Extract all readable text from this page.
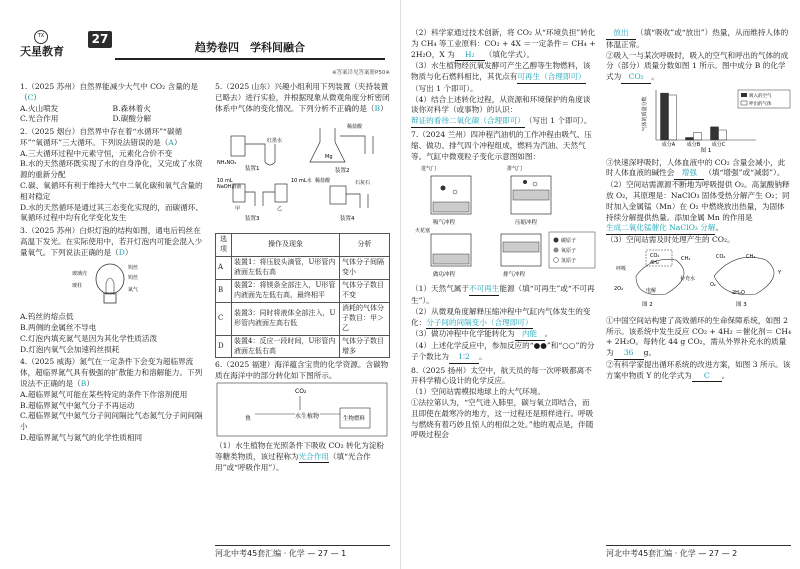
TX
天星教育
27
趋势卷四　学科间融合
※答案详见答案册P50※
1.（2025 苏州）自然界能减少大气中 CO₂ 含量的是（C）
A.火山喷发	B.森林着火
C.光合作用	D.碳酸分解
2.（2025 烟台）自然界中存在着“水循环”“碳循环”“氧循环”三大循环。下列说法错误的是（A）
A.三大循环过程中元素守恒，元素化合价不变
B.水的天然循环既实现了水的自身净化，又完成了水资源的重新分配
C.碳、氧循环有利于维持大气中二氧化碳和氧气含量的相对稳定
D.水的天然循环是通过其三态变化实现的，而碳循环、氧循环过程中均有化学变化发生
3.（2025 苏州）白炽灯泡的结构如图，通电后钨丝在高温下发光。在实际使用中，若开灯泡内可能会混入少量氧气。下列说法正确的是（D）
钨丝
玻璃壳
钨丝
氮气
玻柱
A.钨丝的熔点低
B.两侧的金属丝不导电
C.灯泡内填充氮气是因为其化学性质活泼
D.灯泡内氧气会加速钨丝损耗
4.（2025 威海）氮气在一定条件下会变为超临界流体，超临界氮气具有极强的扩散能力和溶解能力。下列说法不正确的是（B）
A.超临界氮气可能在某些特定的条件下作溶剂使用
B.超临界氮气中氮气分子不再运动
C.超临界氮气中氮气分子间间隔比气态氮气分子间间隔小
D.超临界氮气与氮气的化学性质相同
5.（2025 山东）兴趣小组利用下列装置（夹持装置已略去）进行实验，并根据现象从微观角度分析密闭体系中气体的变化情况。下列分析不正确的是（B）
NH₄NO₃
装置1	装置2
稀盐酸
Mg
红墨水
10 mL
NaOH溶液
10 mL水
甲	乙
装置3
石灰石
稀盐酸
装置4
选项	操作及现象	分析
A	装置1：将压胶头滴管，U形管内液面左低右高	气体分子间隔变小
B	装置2：将镁条全部注入，U形管内液面先左低右高，最终相平	气体分子数目不变
C	装置3：同时将液体全部注入，U形管内液面左高右低	消耗的气体分子数目：甲＞乙
D	装置4：反应一段时间，U形管内液面左低右高	气体分子数目增多
6.（2025 福建）海洋蕴含宝贵的化学资源。含碳物质在海洋中的部分转化如下图所示。
CO₂
鱼	水生植物	生物燃料
（1）水生植物在光照条件下吸收 CO₂ 转化为淀粉等糖类物质，该过程称为光合作用（填“光合作用”或“呼吸作用”）。
河北中考45套汇编 · 化学 — 27 — 1
（2）科学家通过技术创新，将 CO₂ 从“环境负担”转化为 CH₄ 等工业原料：CO₂ + 4X ＝一定条件＝ CH₄ + 2H₂O，X 为 H₂ （填化学式）。
（3）水生植物经沉氧发酵可产生乙醇等生物燃料，该物质与化石燃料相比，其优点有可再生（合理即可）（写出 1 个即可）。
（4）结合上述转化过程，从资源和环境保护的角度谈谈你对科学（或事物）的认识：辩证的看待二氧化碳（合理即可）（写出 1 个即可）。
7.（2024 兰州）四冲程汽油机的工作冲程由吸气、压缩、做功、排气四个冲程组成，燃料为汽油、天然气等。气缸中微观粒子变化示意图如图：
进气门
吸气冲程
排气门
压缩冲程
火花塞
做功冲程	排气冲程
碳原子
氧原子
氢原子
（1）天然气属于不可再生能源（填“可再生”或“不可再生”）。
（2）从微观角度解释压缩冲程中气缸内气体发生的变化：分子间的间隔变小（合理即可）
（3）做功冲程中化学能转化为 内能 。
（4）上述化学反应中，参加反应的“●●”和“○○”的分子个数比为 1∶2 。
8.（2025 扬州）太空中，航天员的每一次呼吸都离不开科学精心设计的化学反应。
（1）空间站需模拟地球上的大气环境。
①法拉第认为，“空气进入肺里，碳与氧立即结合，而且即使在最寒冷的地方，这一过程还是照样进行。呼吸与燃烧有着巧妙且惊人的相似之处。”他的观点是，伴随呼吸过程会
放出 （填“吸收”或“放出”）热量，从而维持人体的体温正常。
②吸入一与某次呼吸时，吸入的空气和呼出的气体的成分（部分）质量分数如图 1 所示。图中成分 B 的化学式为 CO₂ 。
气体的质量分数
成分A 成分B 成分C
图 1
吸入的空气
呼出的气体
③快速深呼吸时，人体血液中的 CO₂ 含量会减小，此时人体血液的碱性会 增强 （填“增强”或“减弱”）。
（2）空间站需源源不断地为呼吸提供 O₂。高氯酸钠释放 O₂，其原理是：NaClO₃ 固体受热分解产生 O₂；同时加入金属锰（Mn）在 O₂ 中燃烧放出热量，为固体持续分解提供热量。添加金属 Mn 的作用是生成二氧化锰催化 NaClO₃ 分解。
（3）空间站需及时处理产生的 CO₂。
CO₂
4H₂
呼吸
电解
2O₂
补充水
CH₄
图 2
CO₂	CH₄
Y
2H₂O
O₂
图 3
①中国空间站构建了高效循环的生命保障系统，如图 2 所示。该系统中发生反应 CO₂ + 4H₂ ＝催化剂＝ CH₄ + 2H₂O。每转化 44 g CO₂，需从外界补充水的质量为 36 g。
②有科学家提出循环系统的改进方案，如图 3 所示。该方案中物质 Y 的化学式为 C 。
河北中考45套汇编 · 化学 — 27 — 2
